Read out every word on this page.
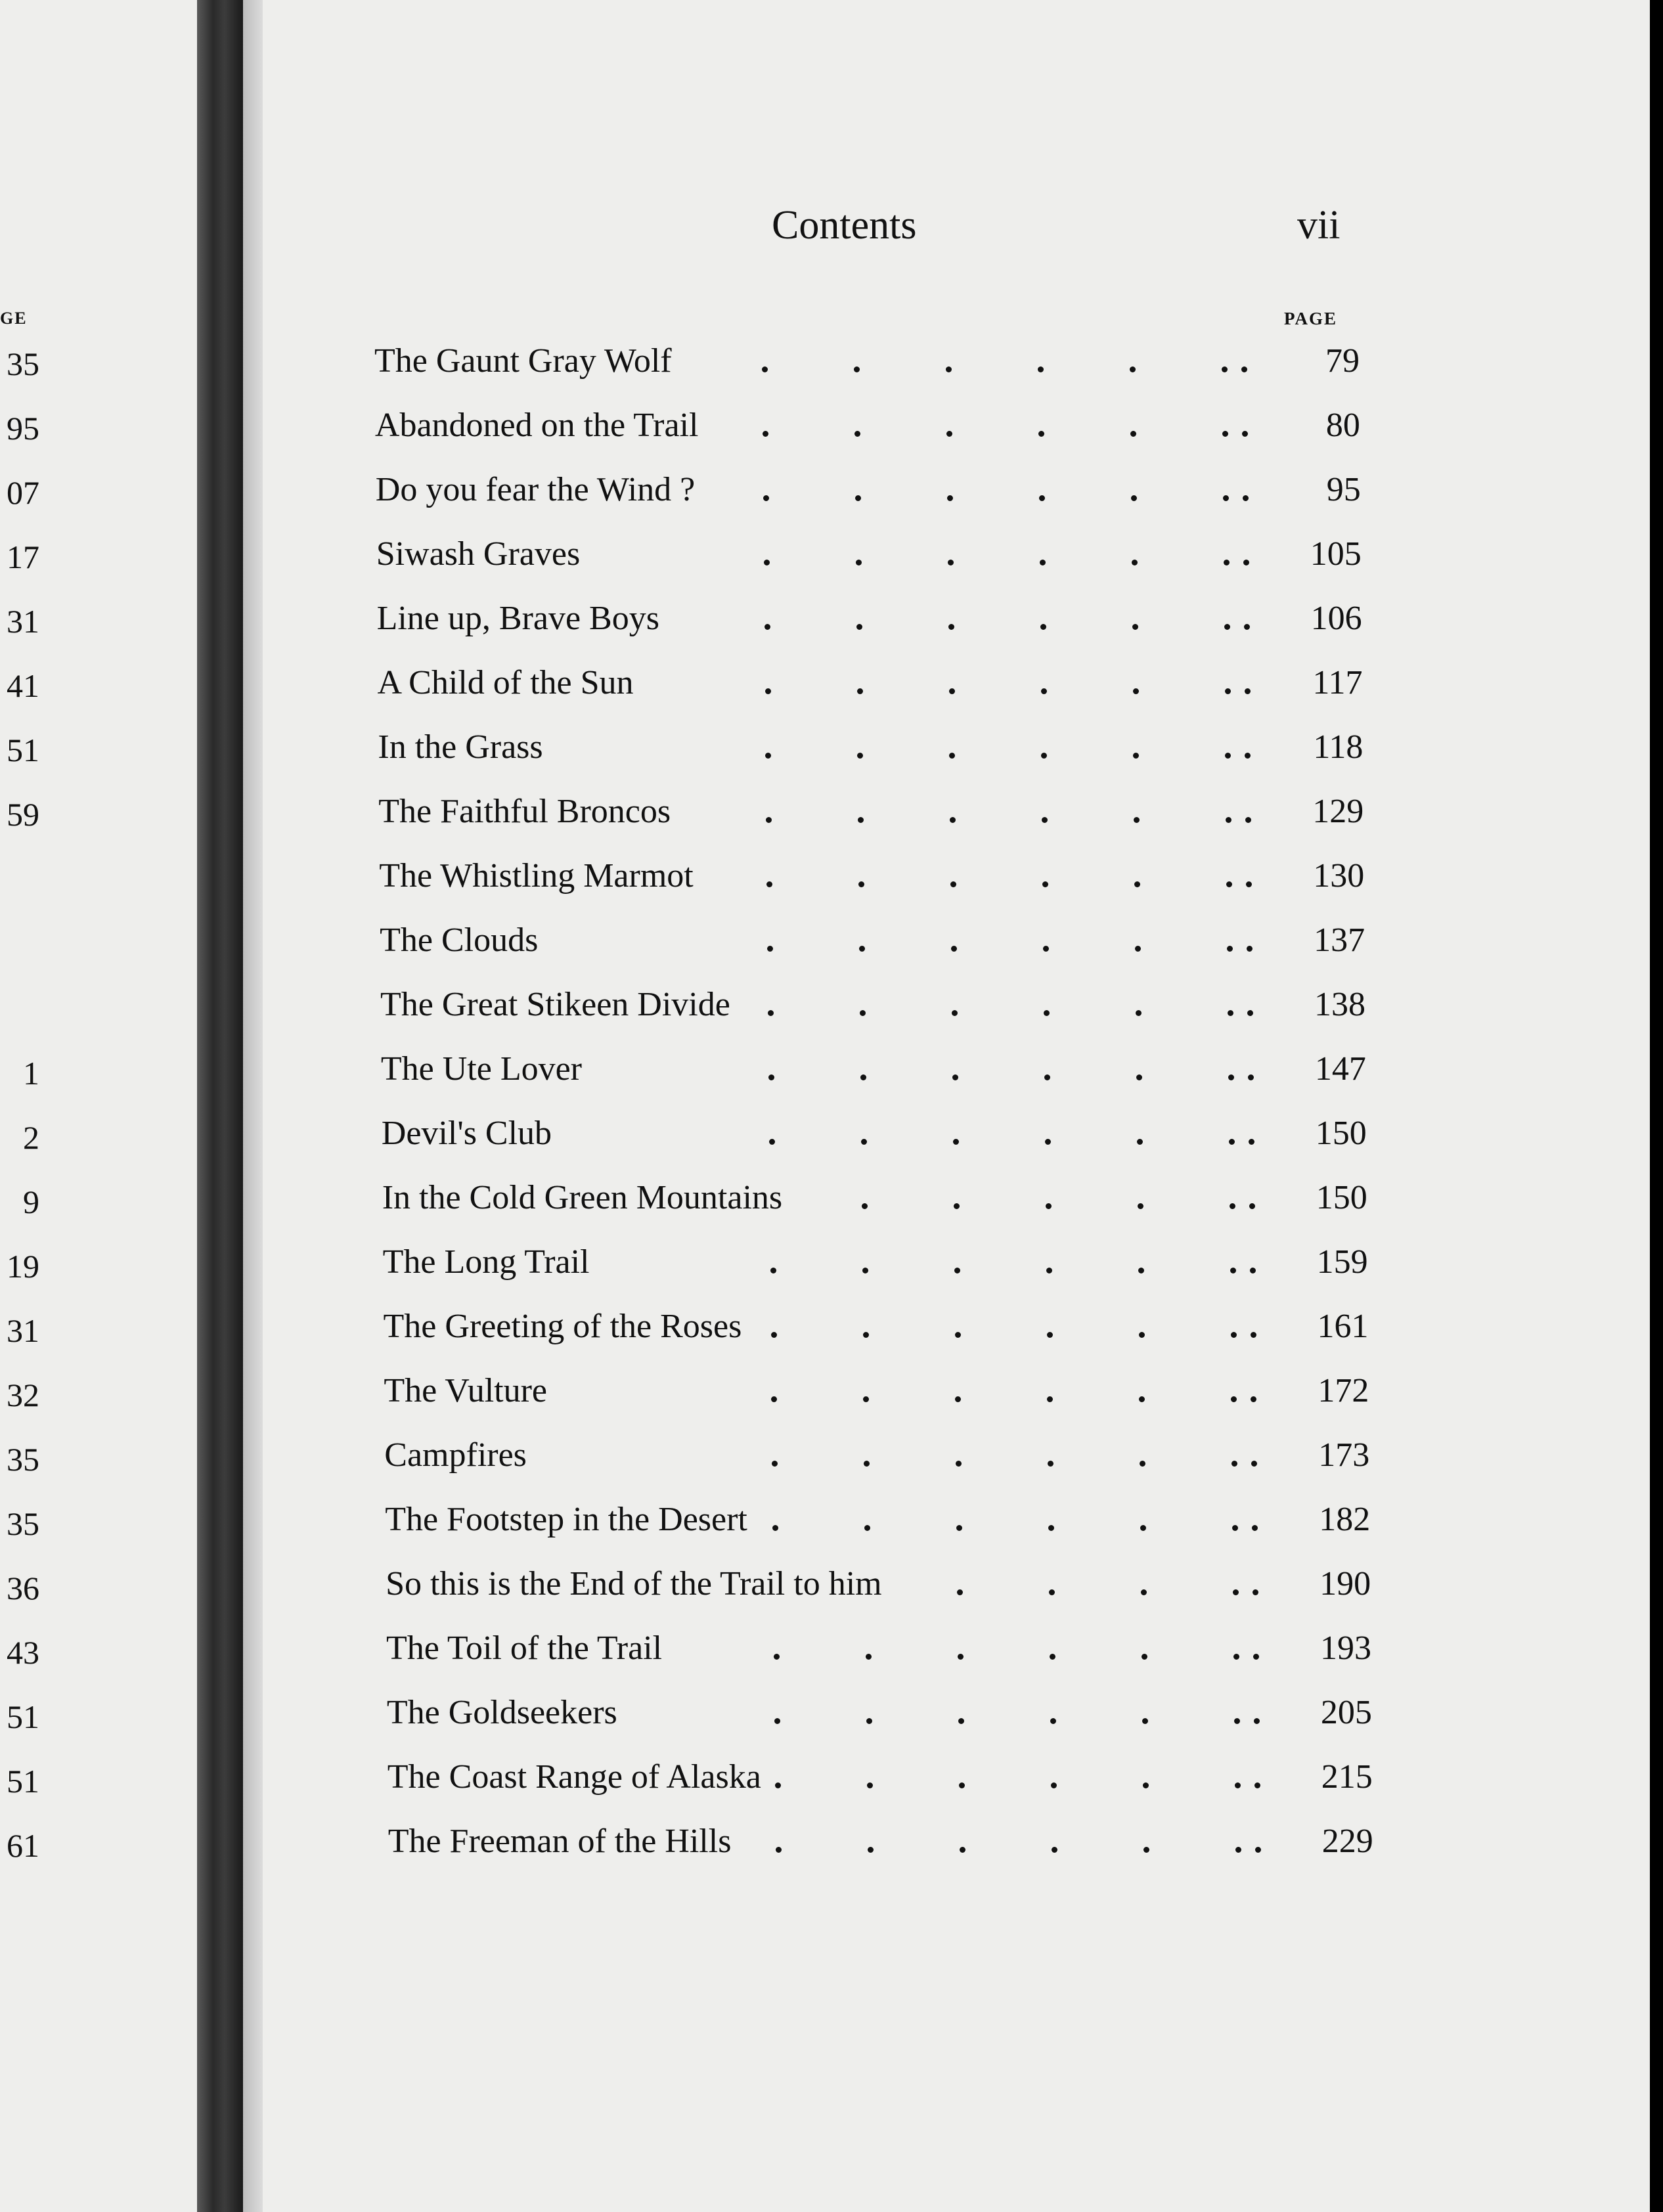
GE
35
95
07
17
31
41
51
59
1
2
9
19
31
32
35
35
36
43
51
51
61
Contents	vii
PAGE
The Gaunt Gray Wolf	79
Abandoned on the Trail	80
Do you fear the Wind ?	95
Siwash Graves	105
Line up, Brave Boys	106
A Child of the Sun	117
In the Grass	118
The Faithful Broncos	129
The Whistling Marmot	130
The Clouds	137
The Great Stikeen Divide	138
The Ute Lover	147
Devil's Club	150
In the Cold Green Mountains	150
The Long Trail	159
The Greeting of the Roses	161
The Vulture	172
Campfires	173
The Footstep in the Desert	182
So this is the End of the Trail to him	190
The Toil of the Trail	193
The Goldseekers	205
The Coast Range of Alaska	215
The Freeman of the Hills	229
